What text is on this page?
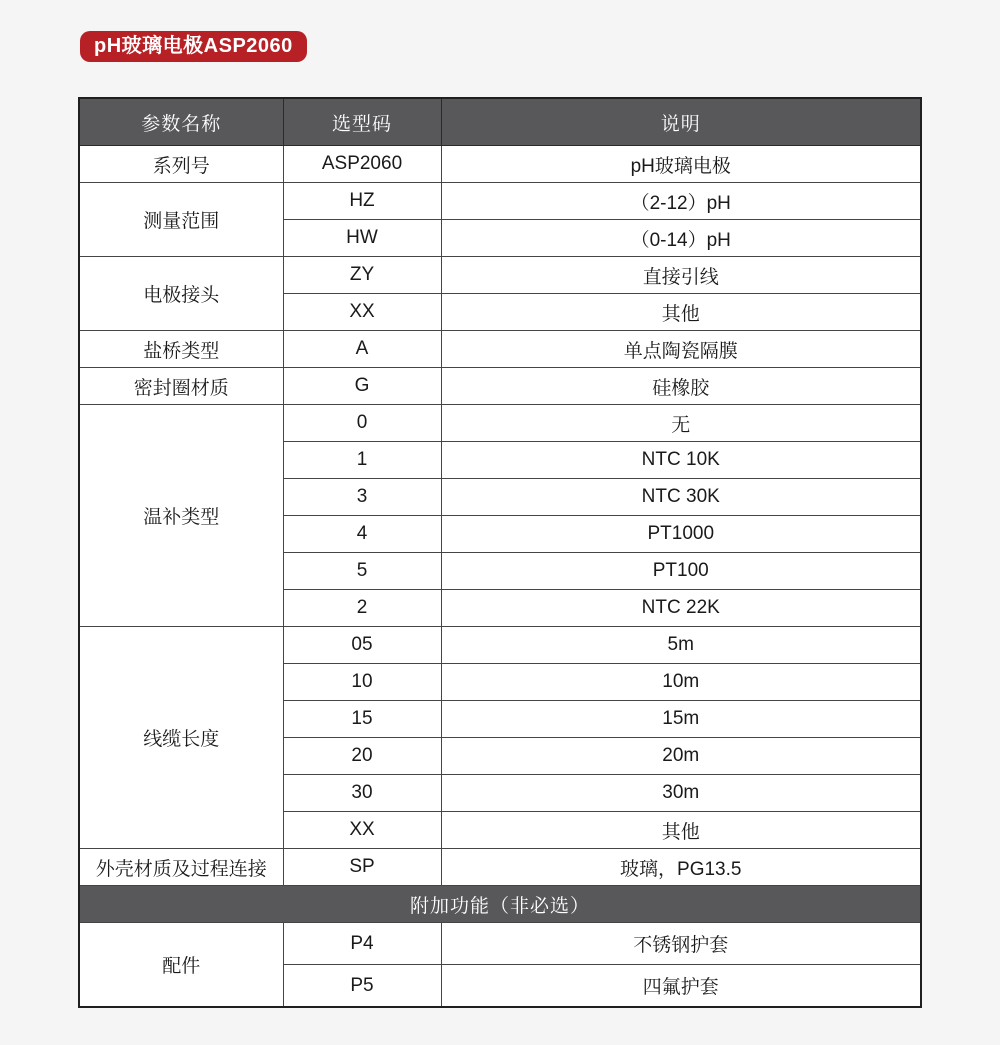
pH玻璃电极ASP2060
参数名称	选型码	说明
系列号	ASP2060	pH玻璃电极
测量范围	HZ	（2-12）pH
	HW	（0-14）pH
电极接头	ZY	直接引线
	XX	其他
盐桥类型	A	单点陶瓷隔膜
密封圈材质	G	硅橡胶
温补类型	0	无
	1	NTC 10K
	3	NTC 30K
	4	PT1000
	5	PT100
	2	NTC 22K
线缆长度	05	5m
	10	10m
	15	15m
	20	20m
	30	30m
	XX	其他
外壳材质及过程连接	SP	玻璃，PG13.5
附加功能（非必选）		
配件	P4	不锈钢护套
	P5	四氟护套
